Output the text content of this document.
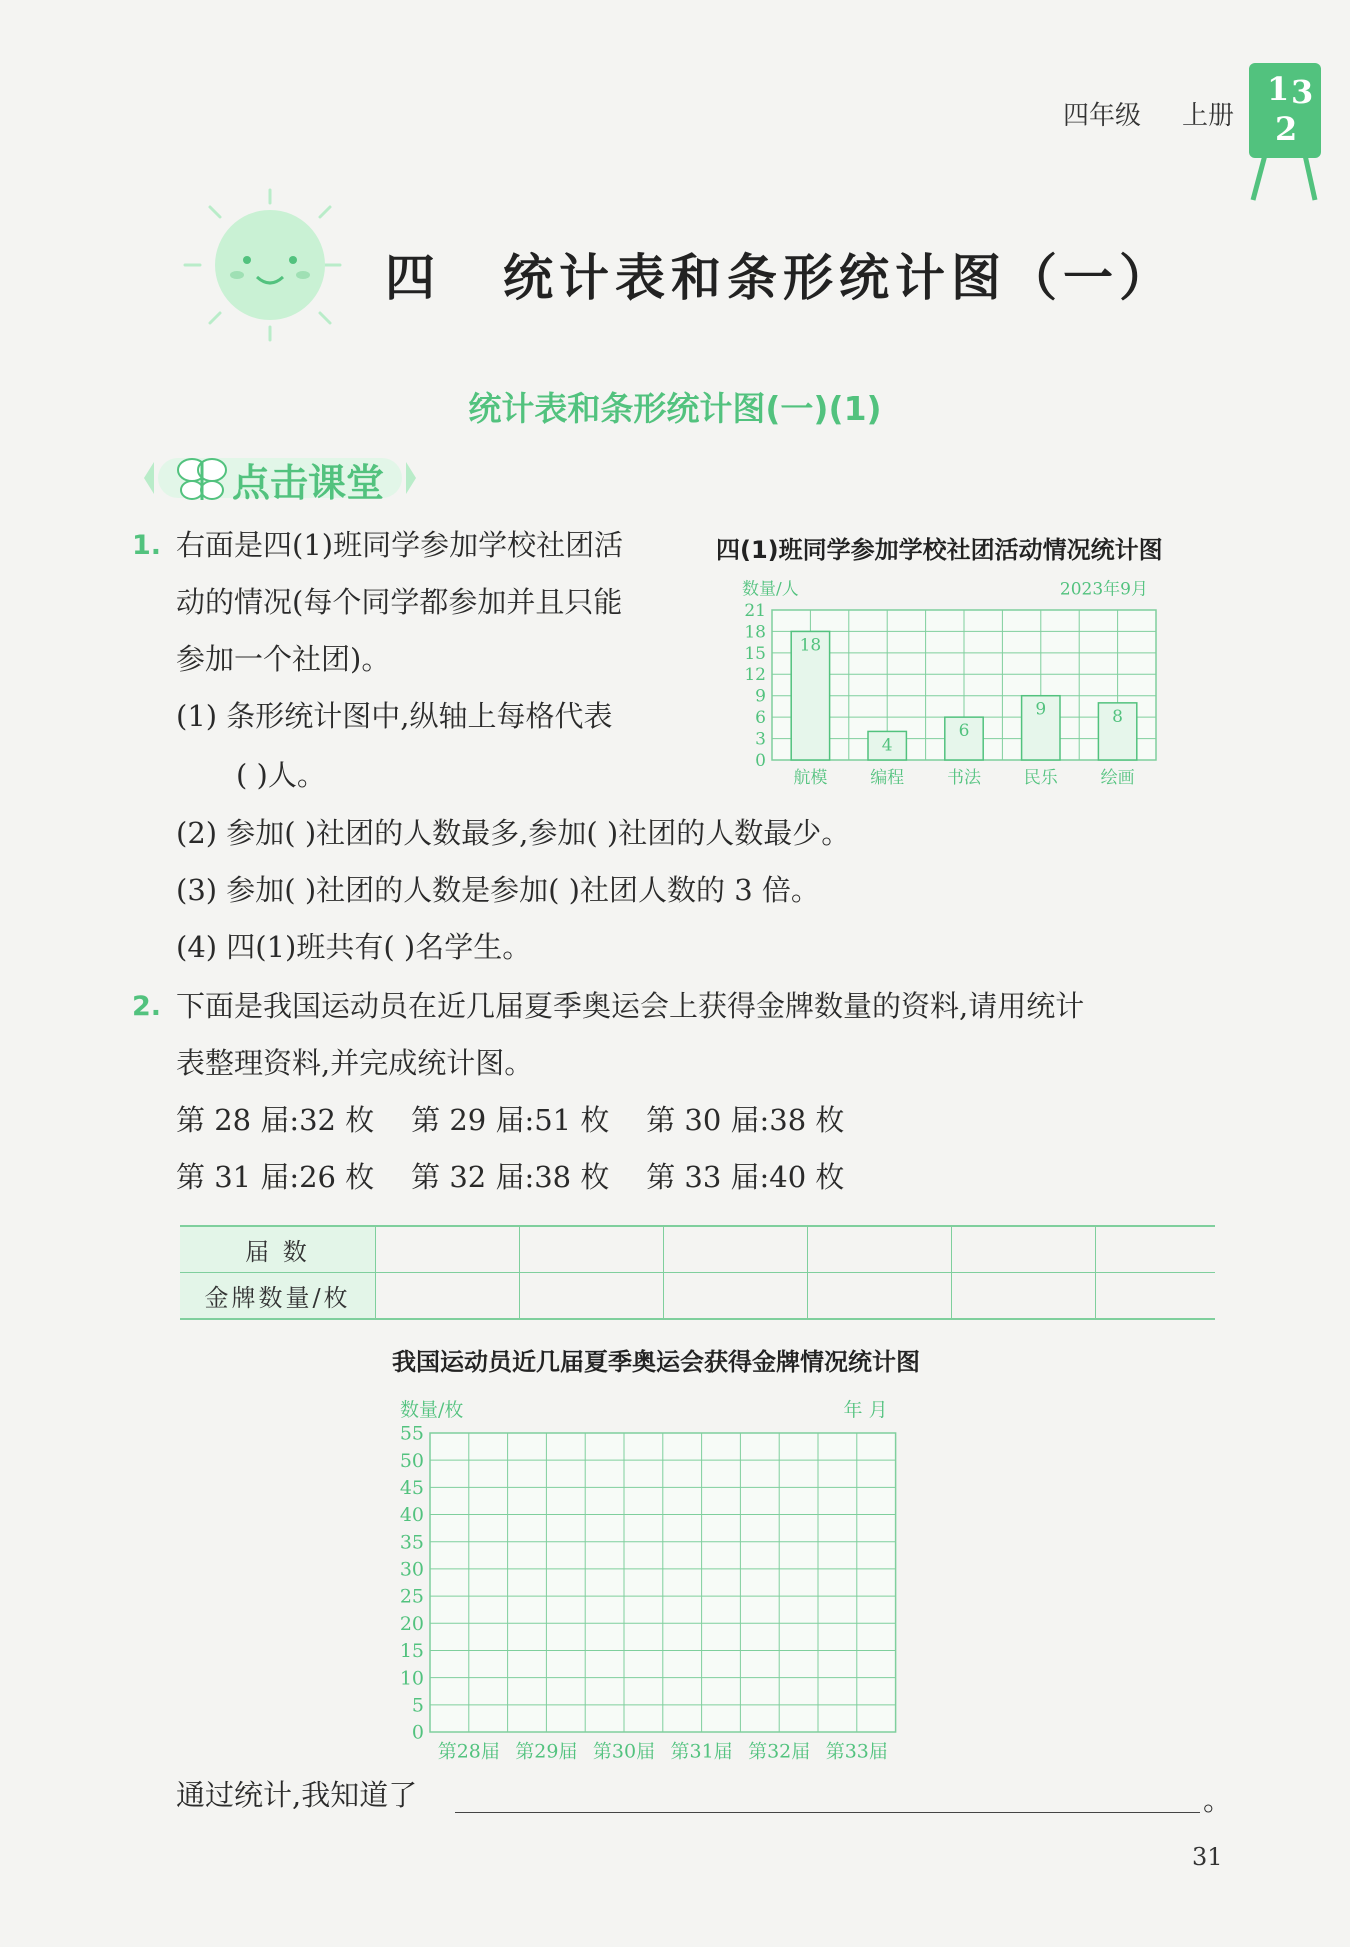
四年级 上册
1 3
2
四 统计表和条形统计图（一）
统计表和条形统计图(一)(1)
点击课堂
1. 右面是四(1)班同学参加学校社团活
动的情况(每个同学都参加并且只能
参加一个社团)。
(1) 条形统计图中,纵轴上每格代表
( )人。
(2) 参加( )社团的人数最多,参加( )社团的人数最少。
(3) 参加( )社团的人数是参加( )社团人数的 3 倍。
(4) 四(1)班共有( )名学生。
四(1)班同学参加学校社团活动情况统计图
0
3
6
9
12
15
18
21
数量/人	2023年9月
航模
18
编程
4
书法
6
民乐
9
绘画
8
2. 下面是我国运动员在近几届夏季奥运会上获得金牌数量的资料,请用统计
表整理资料,并完成统计图。
第 28 届:32 枚    第 29 届:51 枚    第 30 届:38 枚
第 31 届:26 枚    第 32 届:38 枚    第 33 届:40 枚
届 数						
金牌数量/枚						
我国运动员近几届夏季奥运会获得金牌情况统计图
0
5
10
15
20
25
30
35
40
45
50
55
数量/枚	年 月
第28届 第29届 第30届 第31届 第32届 第33届
通过统计,我知道了	。
31
